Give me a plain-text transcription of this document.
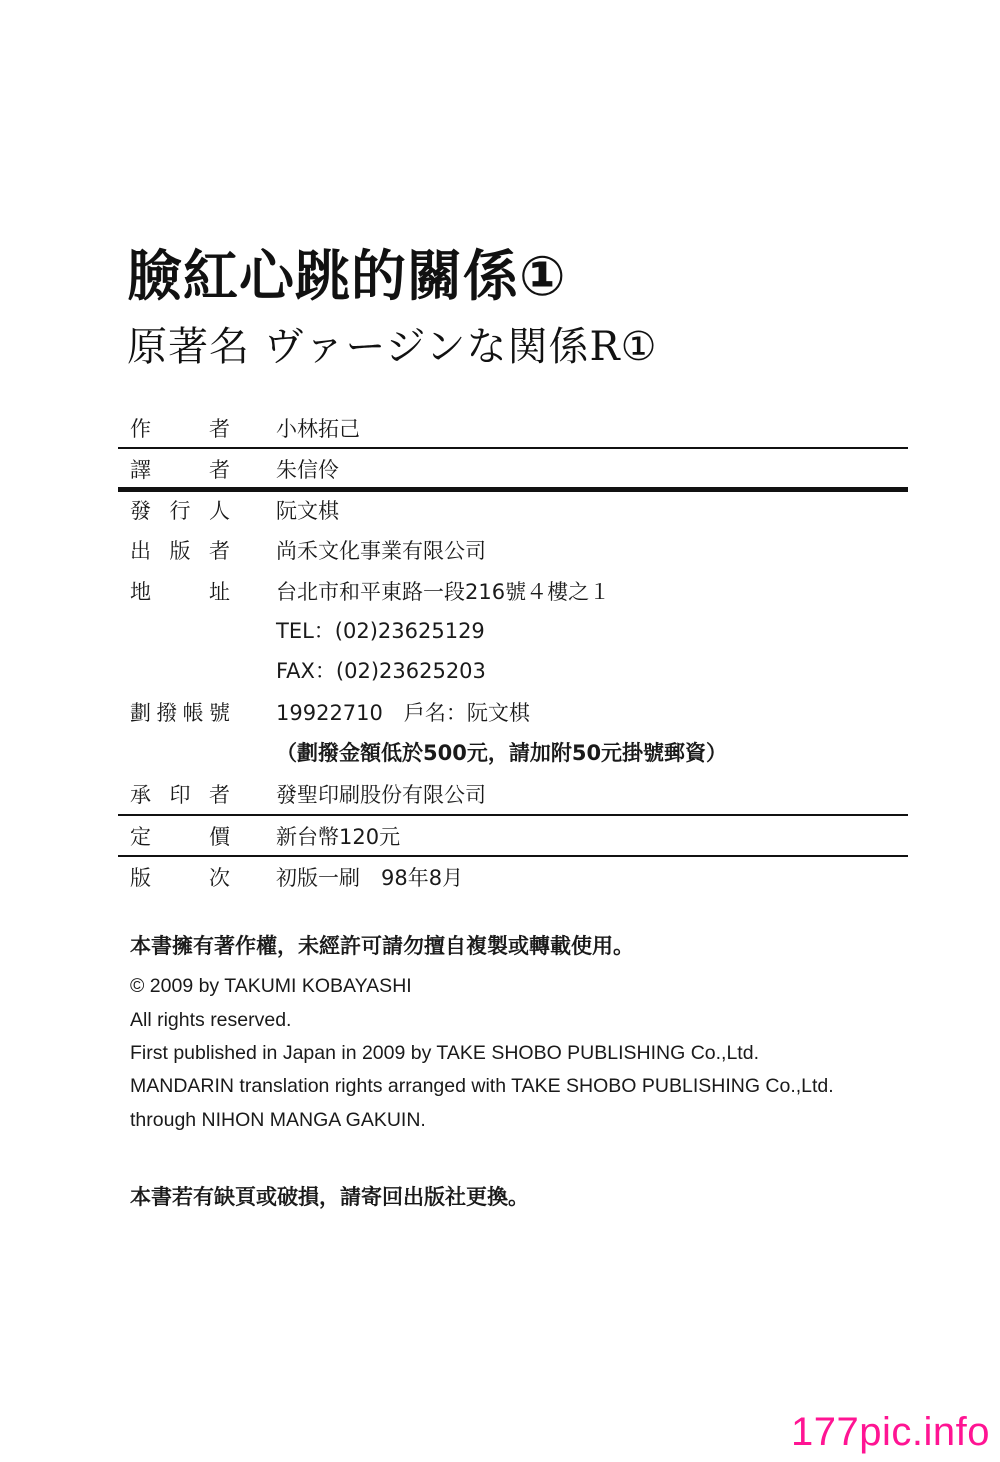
臉紅心跳的關係①
原著名 ヴァージンな関係R①
作	者 小林拓己
譯	者 朱信伶
發 行 人 阮文棋
出 版 者 尚禾文化事業有限公司
地	址 台北市和平東路一段216號４樓之１
TEL：(02)23625129
FAX：(02)23625203
劃 撥 帳 號 19922710　戶名：阮文棋
（劃撥金額低於500元，請加附50元掛號郵資）
承 印 者 發聖印刷股份有限公司
定	價 新台幣120元
版	次 初版一刷　98年8月
本書擁有著作權，未經許可請勿擅自複製或轉載使用。
© 2009 by TAKUMI KOBAYASHI
All rights reserved.
First published in Japan in 2009 by TAKE SHOBO PUBLISHING Co.,Ltd.
MANDARIN translation rights arranged with TAKE SHOBO PUBLISHING Co.,Ltd.
through NIHON MANGA GAKUIN.
本書若有缺頁或破損，請寄回出版社更換。
177pic.info
